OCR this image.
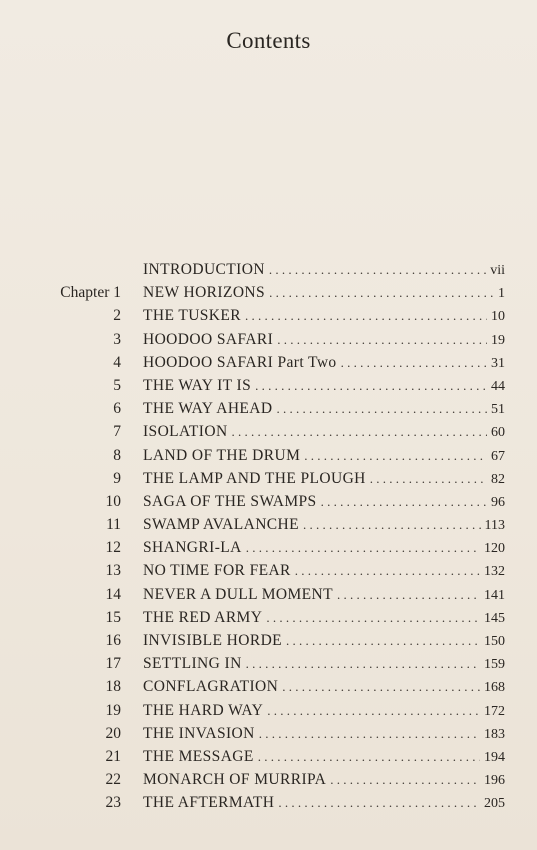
Contents
INTRODUCTION . . .	vii
Chapter 1 NEW HORIZONS . . .	1
2 THE TUSKER . . .	10
3 HOODOO SAFARI . . .	19
4 HOODOO SAFARI Part Two . . .	31
5 THE WAY IT IS . . .	44
6 THE WAY AHEAD . . .	51
7 ISOLATION . . .	60
8 LAND OF THE DRUM . . .	67
9 THE LAMP AND THE PLOUGH . . .	82
10 SAGA OF THE SWAMPS . . .	96
11 SWAMP AVALANCHE . . .	113
12 SHANGRI-LA . . .	120
13 NO TIME FOR FEAR . . .	132
14 NEVER A DULL MOMENT . . .	141
15 THE RED ARMY . . .	145
16 INVISIBLE HORDE . . .	150
17 SETTLING IN . . .	159
18 CONFLAGRATION . . .	168
19 THE HARD WAY . . .	172
20 THE INVASION . . .	183
21 THE MESSAGE . . .	194
22 MONARCH OF MURRIPA . . .	196
23 THE AFTERMATH . . .	205
